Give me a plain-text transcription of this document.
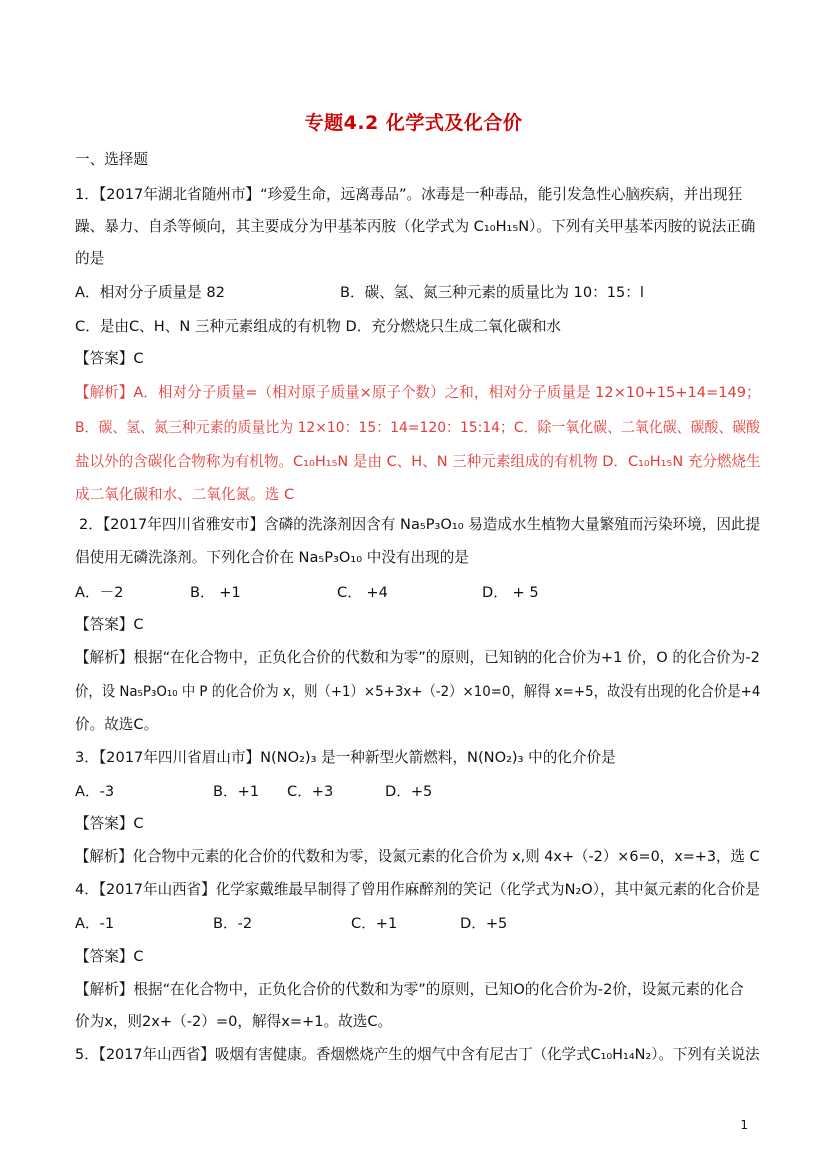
专题4.2 化学式及化合价
一、选择题
1．【2017年湖北省随州市】“珍爱生命，远离毒品”。冰毒是一种毒品，能引发急性心脑疾病，并出现狂
躁、暴力、自杀等倾向，其主要成分为甲基苯丙胺（化学式为 C₁₀H₁₅N）。下列有关甲基苯丙胺的说法正确
的是
A．相对分子质量是 82	B．碳、氢、氮三种元素的质量比为 10：15：l
C．是由C、H、N 三种元素组成的有机物 D．充分燃烧只生成二氧化碳和水
【答案】C
【解析】A．相对分子质量=（相对原子质量×原子个数）之和，相对分子质量是 12×10+15+14=149；
B．碳、氢、氮三种元素的质量比为 12×10：15：14=120：15:14；C．除一氧化碳、二氧化碳、碳酸、碳酸
盐以外的含碳化合物称为有机物。C₁₀H₁₅N 是由 C、H、N 三种元素组成的有机物 D．C₁₀H₁₅N 充分燃烧生
成二氧化碳和水、二氧化氮。选 C
2．【2017年四川省雅安市】含磷的洗涤剂因含有 Na₅P₃O₁₀ 易造成水生植物大量繁殖而污染环境，因此提
倡使用无磷洗涤剂。下列化合价在 Na₅P₃O₁₀ 中没有出现的是
A．－2	B． +1	C． +4	D． + 5
【答案】C
【解析】根据“在化合物中，正负化合价的代数和为零”的原则，已知钠的化合价为+1 价，O 的化合价为-2
价，设 Na₅P₃O₁₀ 中 P 的化合价为 x，则（+1）×5+3x+（-2）×10=0，解得 x=+5，故没有出现的化合价是+4
价。故选C。
3．【2017年四川省眉山市】N(NO₂)₃ 是一种新型火箭燃料，N(NO₂)₃ 中的化介价是
A．-3	B．+1 C．+3	D．+5
【答案】C
【解析】化合物中元素的化合价的代数和为零，设氮元素的化合价为 x,则 4x+（-2）×6=0，x=+3，选 C
4．【2017年山西省】化学家戴维最早制得了曾用作麻醉剂的笑记（化学式为N₂O），其中氮元素的化合价是
A．-1	B．-2	C．+1	D．+5
【答案】C
【解析】根据“在化合物中，正负化合价的代数和为零”的原则，已知O的化合价为-2价，设氮元素的化合
价为x，则2x+（-2）=0，解得x=+1。故选C。
5．【2017年山西省】吸烟有害健康。香烟燃烧产生的烟气中含有尼古丁（化学式C₁₀H₁₄N₂）。下列有关说法
1
